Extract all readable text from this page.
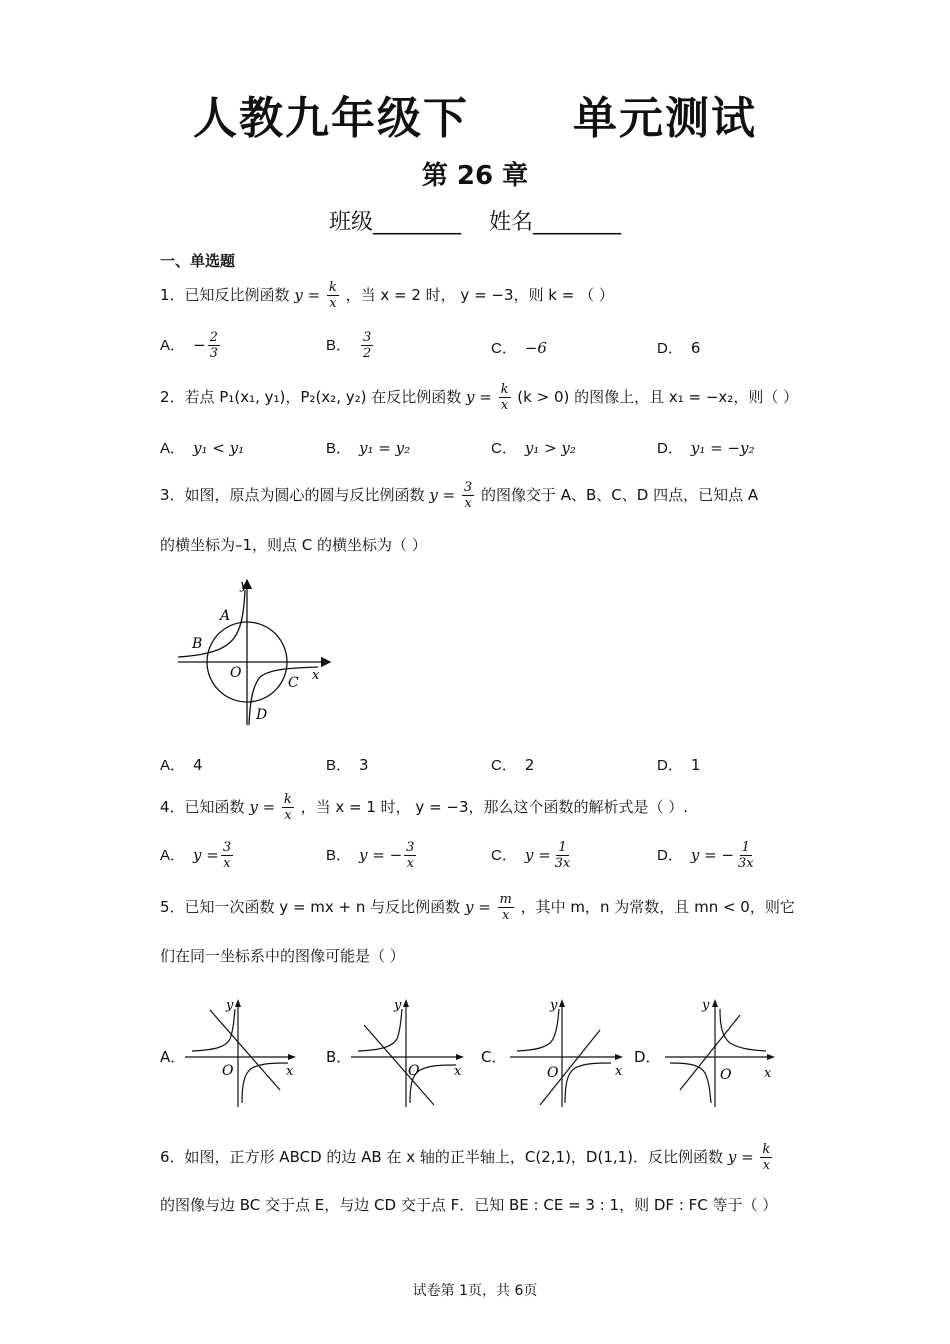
人教九年级下      单元测试
第 26 章
班级________    姓名________
一、单选题
1．已知反比例函数 $y = \frac{k}{x}$ ，当 x = 2 时， y = −3，则 k = （ ）
A． − $\frac{2}{3}$	B． $\frac{3}{2}$	C． −6	D． 6
2．若点 P₁(x₁, y₁)，P₂(x₂, y₂) 在反比例函数 $y = \frac{k}{x} (k > 0)$ 的图像上，且 x₁ = −x₂，则（ ）
A． y₁ < y₁	B． y₁ = y₂	C． y₁ > y₂	D． y₁ = −y₂
3．如图，原点为圆心的圆与反比例函数 $y = \frac{3}{x}$ 的图像交于 A、B、C、D 四点，已知点 A
的横坐标为–1，则点 C 的横坐标为（ ）
y
x
O
A
B
C
D
A． 4	B． 3	C． 2	D． 1
4．已知函数 $y = \frac{k}{x}$ ，当 x = 1 时， y = −3，那么这个函数的解析式是（ ）.
A． $y = \frac{3}{x}$	B． y = − $\frac{3}{x}$	C． $y = \frac{1}{3x}$	D． y = − $\frac{1}{3x}$
5．已知一次函数 y = mx + n 与反比例函数 $y = \frac{m}{x}$ ，其中 m，n 为常数，且 mn < 0，则它
们在同一坐标系中的图像可能是（ ）
A．
y
x
O
B．
y
x
O
C．
y
x
O
D．
y
x
O
6．如图，正方形 ABCD 的边 AB 在 x 轴的正半轴上，C(2,1)，D(1,1)．反比例函数 $y = \frac{k}{x}$
的图像与边 BC 交于点 E，与边 CD 交于点 F．已知 BE : CE = 3 : 1，则 DF : FC 等于（ ）
试卷第 1页，共 6页
